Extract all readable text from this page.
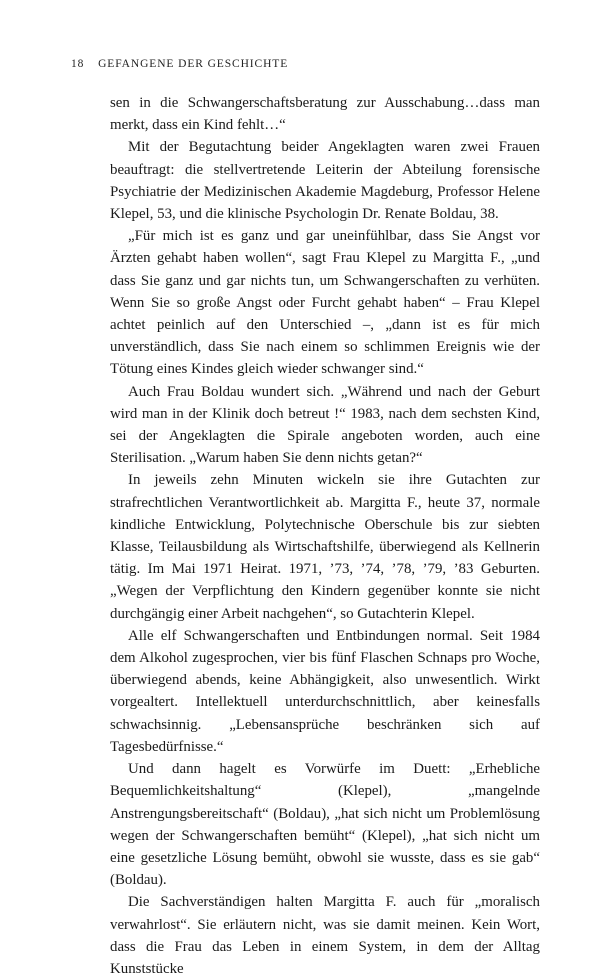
18 GEFANGENE DER GESCHICHTE

sen in die Schwangerschaftsberatung zur Ausschabung…dass man merkt, dass ein Kind fehlt…“

Mit der Begutachtung beider Angeklagten waren zwei Frauen beauftragt: die stellvertretende Leiterin der Abteilung forensische Psychiatrie der Medizinischen Akademie Magdeburg, Professor Helene Klepel, 53, und die klinische Psychologin Dr. Renate Boldau, 38.

„Für mich ist es ganz und gar uneinfühlbar, dass Sie Angst vor Ärzten gehabt haben wollen“, sagt Frau Klepel zu Margitta F., „und dass Sie ganz und gar nichts tun, um Schwangerschaften zu verhüten. Wenn Sie so große Angst oder Furcht gehabt haben“ – Frau Klepel achtet peinlich auf den Unterschied –, „dann ist es für mich unverständlich, dass Sie nach einem so schlimmen Ereignis wie der Tötung eines Kindes gleich wieder schwanger sind.“

Auch Frau Boldau wundert sich. „Während und nach der Geburt wird man in der Klinik doch betreut !“ 1983, nach dem sechsten Kind, sei der Angeklagten die Spirale angeboten worden, auch eine Sterilisation. „Warum haben Sie denn nichts getan?“

In jeweils zehn Minuten wickeln sie ihre Gutachten zur strafrechtlichen Verantwortlichkeit ab. Margitta F., heute 37, normale kindliche Entwicklung, Polytechnische Oberschule bis zur siebten Klasse, Teilausbildung als Wirtschaftshilfe, überwiegend als Kellnerin tätig. Im Mai 1971 Heirat. 1971, ’73, ’74, ’78, ’79, ’83 Geburten. „Wegen der Verpflichtung den Kindern gegenüber konnte sie nicht durchgängig einer Arbeit nachgehen“, so Gutachterin Klepel.

Alle elf Schwangerschaften und Entbindungen normal. Seit 1984 dem Alkohol zugesprochen, vier bis fünf Flaschen Schnaps pro Woche, überwiegend abends, keine Abhängigkeit, also unwesentlich. Wirkt vorgealtert. Intellektuell unterdurchschnittlich, aber keinesfalls schwachsinnig. „Lebensansprüche beschränken sich auf Tagesbedürfnisse.“

Und dann hagelt es Vorwürfe im Duett: „Erhebliche Bequemlichkeitshaltung“ (Klepel), „mangelnde Anstrengungsbereitschaft“ (Boldau), „hat sich nicht um Problemlösung wegen der Schwangerschaften bemüht“ (Klepel), „hat sich nicht um eine gesetzliche Lösung bemüht, obwohl sie wusste, dass es sie gab“ (Boldau).

Die Sachverständigen halten Margitta F. auch für „moralisch verwahrlost“. Sie erläutern nicht, was sie damit meinen. Kein Wort, dass die Frau das Leben in einem System, in dem der Alltag Kunststücke
